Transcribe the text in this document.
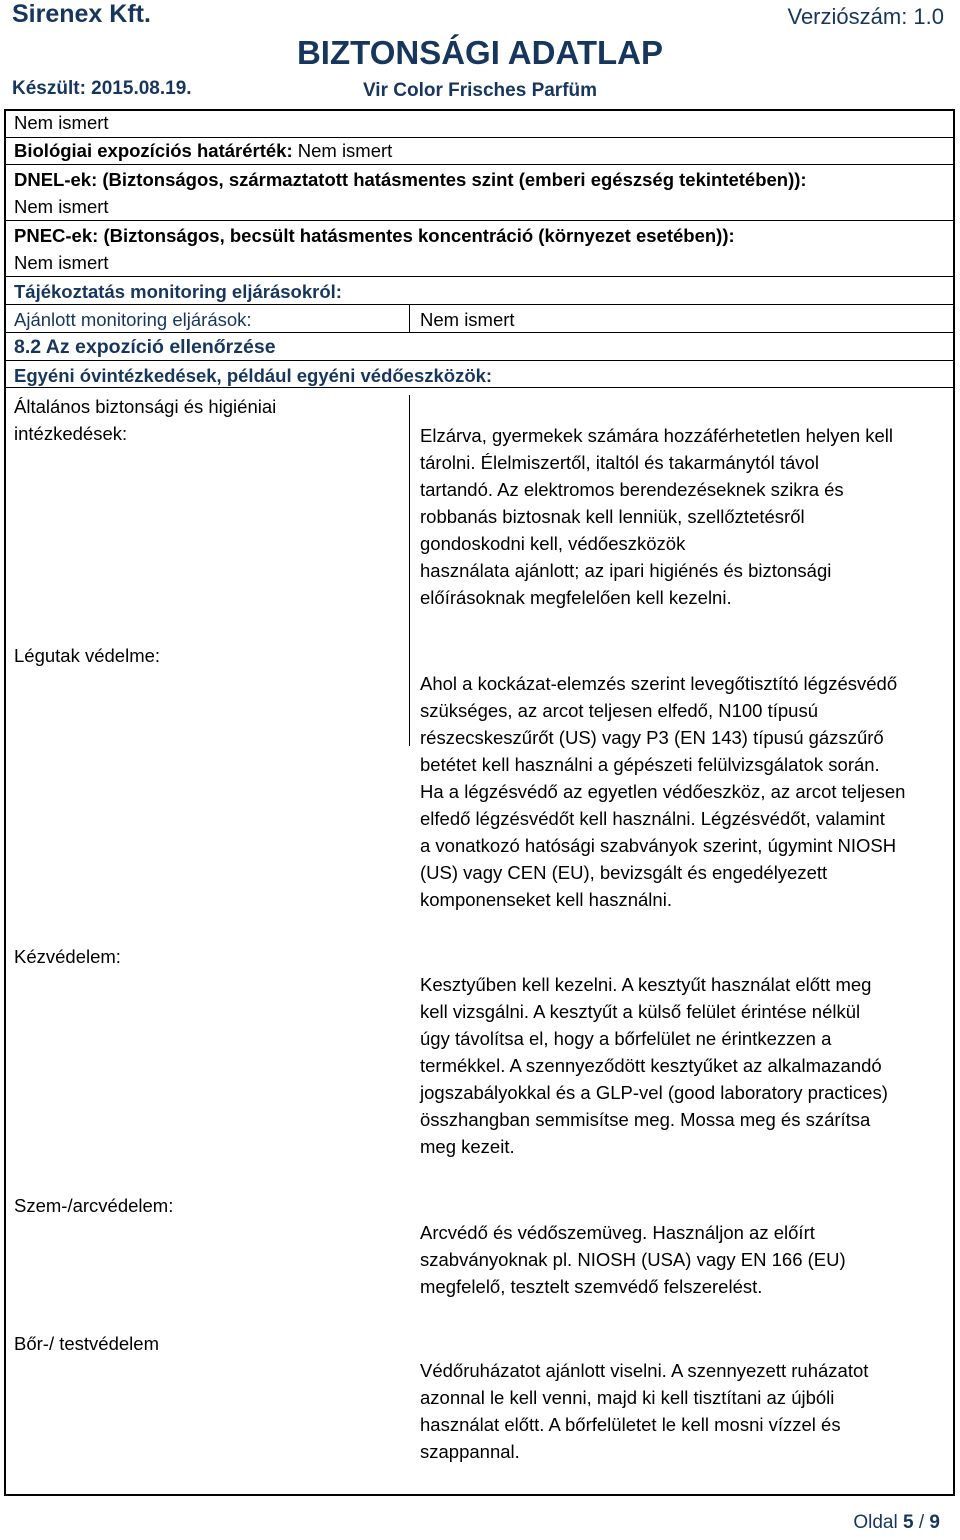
Sirenex Kft.	Verziószám: 1.0
BIZTONSÁGI ADATLAP
Készült: 2015.08.19.	Vir Color Frisches Parfüm
Nem ismert
Biológiai expozíciós határérték: Nem ismert
DNEL-ek: (Biztonságos, származtatott hatásmentes szint (emberi egészség tekintetében)):
Nem ismert
PNEC-ek: (Biztonságos, becsült hatásmentes koncentráció (környezet esetében)):
Nem ismert
Tájékoztatás monitoring eljárásokról:
Ajánlott monitoring eljárások:	Nem ismert
8.2 Az expozíció ellenőrzése
Egyéni óvintézkedések, például egyéni védőeszközök:
Általános biztonsági és higiéniai
intézkedések:	Elzárva, gyermekek számára hozzáférhetetlen helyen kell
tárolni. Élelmiszertől, italtól és takarmánytól távol
tartandó. Az elektromos berendezéseknek szikra és
robbanás biztosnak kell lenniük, szellőztetésről
gondoskodni kell, védőeszközök
használata ajánlott; az ipari higiénés és biztonsági
előírásoknak megfelelően kell kezelni.
Légutak védelme:
Ahol a kockázat-elemzés szerint levegőtisztító légzésvédő
szükséges, az arcot teljesen elfedő, N100 típusú
részecskeszűrőt (US) vagy P3 (EN 143) típusú gázszűrő
betétet kell használni a gépészeti felülvizsgálatok során.
Ha a légzésvédő az egyetlen védőeszköz, az arcot teljesen
elfedő légzésvédőt kell használni. Légzésvédőt, valamint
a vonatkozó hatósági szabványok szerint, úgymint NIOSH
(US) vagy CEN (EU), bevizsgált és engedélyezett
komponenseket kell használni.
Kézvédelem:
Kesztyűben kell kezelni. A kesztyűt használat előtt meg
kell vizsgálni. A kesztyűt a külső felület érintése nélkül
úgy távolítsa el, hogy a bőrfelület ne érintkezzen a
termékkel. A szennyeződött kesztyűket az alkalmazandó
jogszabályokkal és a GLP-vel (good laboratory practices)
összhangban semmisítse meg. Mossa meg és szárítsa
meg kezeit.
Szem-/arcvédelem:
Arcvédő és védőszemüveg. Használjon az előírt
szabványoknak pl. NIOSH (USA) vagy EN 166 (EU)
megfelelő, tesztelt szemvédő felszerelést.
Bőr-/ testvédelem
Védőruházatot ajánlott viselni. A szennyezett ruházatot
azonnal le kell venni, majd ki kell tisztítani az újbóli
használat előtt. A bőrfelületet le kell mosni vízzel és
szappannal.
Oldal 5 / 9
